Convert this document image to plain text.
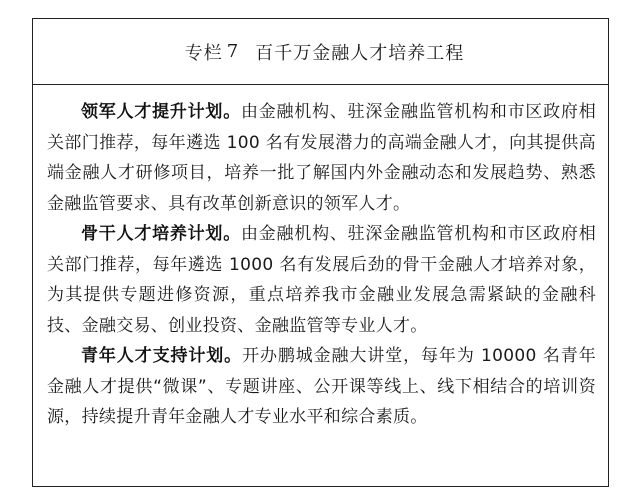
专栏 7 百千万金融人才培养工程

领军人才提升计划。由金融机构、驻深金融监管机构和市区政府相关部门推荐，每年遴选 100 名有发展潜力的高端金融人才，向其提供高端金融人才研修项目，培养一批了解国内外金融动态和发展趋势、熟悉金融监管要求、具有改革创新意识的领军人才。

骨干人才培养计划。由金融机构、驻深金融监管机构和市区政府相关部门推荐，每年遴选 1000 名有发展后劲的骨干金融人才培养对象，为其提供专题进修资源，重点培养我市金融业发展急需紧缺的金融科技、金融交易、创业投资、金融监管等专业人才。

青年人才支持计划。开办鹏城金融大讲堂，每年为 10000 名青年金融人才提供“微课”、专题讲座、公开课等线上、线下相结合的培训资源，持续提升青年金融人才专业水平和综合素质。
